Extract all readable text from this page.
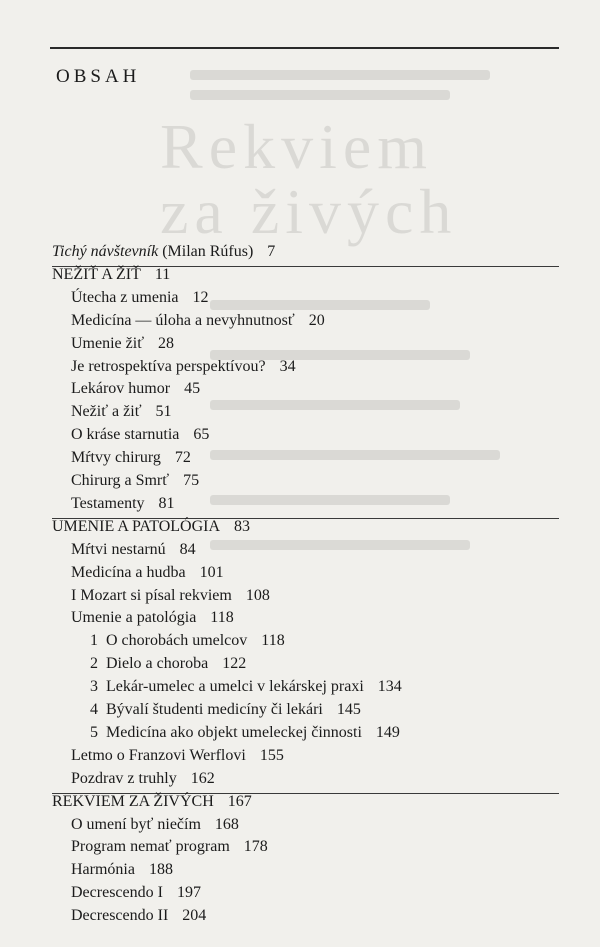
Rekviem
za živých
OBSAH
Tichý návštevník (Milan Rúfus) 7
NEŽIŤ A ŽIŤ 11
Útecha z umenia 12
Medicína — úloha a nevyhnutnosť 20
Umenie žiť 28
Je retrospektíva perspektívou? 34
Lekárov humor 45
Nežiť a žiť 51
O kráse starnutia 65
Mŕtvy chirurg 72
Chirurg a Smrť 75
Testamenty 81
UMENIE A PATOLÓGIA 83
Mŕtvi nestarnú 84
Medicína a hudba 101
I Mozart si písal rekviem 108
Umenie a patológia 118
1 O chorobách umelcov 118
2 Dielo a choroba 122
3 Lekár-umelec a umelci v lekárskej praxi 134
4 Bývalí študenti medicíny či lekári 145
5 Medicína ako objekt umeleckej činnosti 149
Letmo o Franzovi Werflovi 155
Pozdrav z truhly 162
REKVIEM ZA ŽIVÝCH 167
O umení byť niečím 168
Program nemať program 178
Harmónia 188
Decrescendo I 197
Decrescendo II 204
